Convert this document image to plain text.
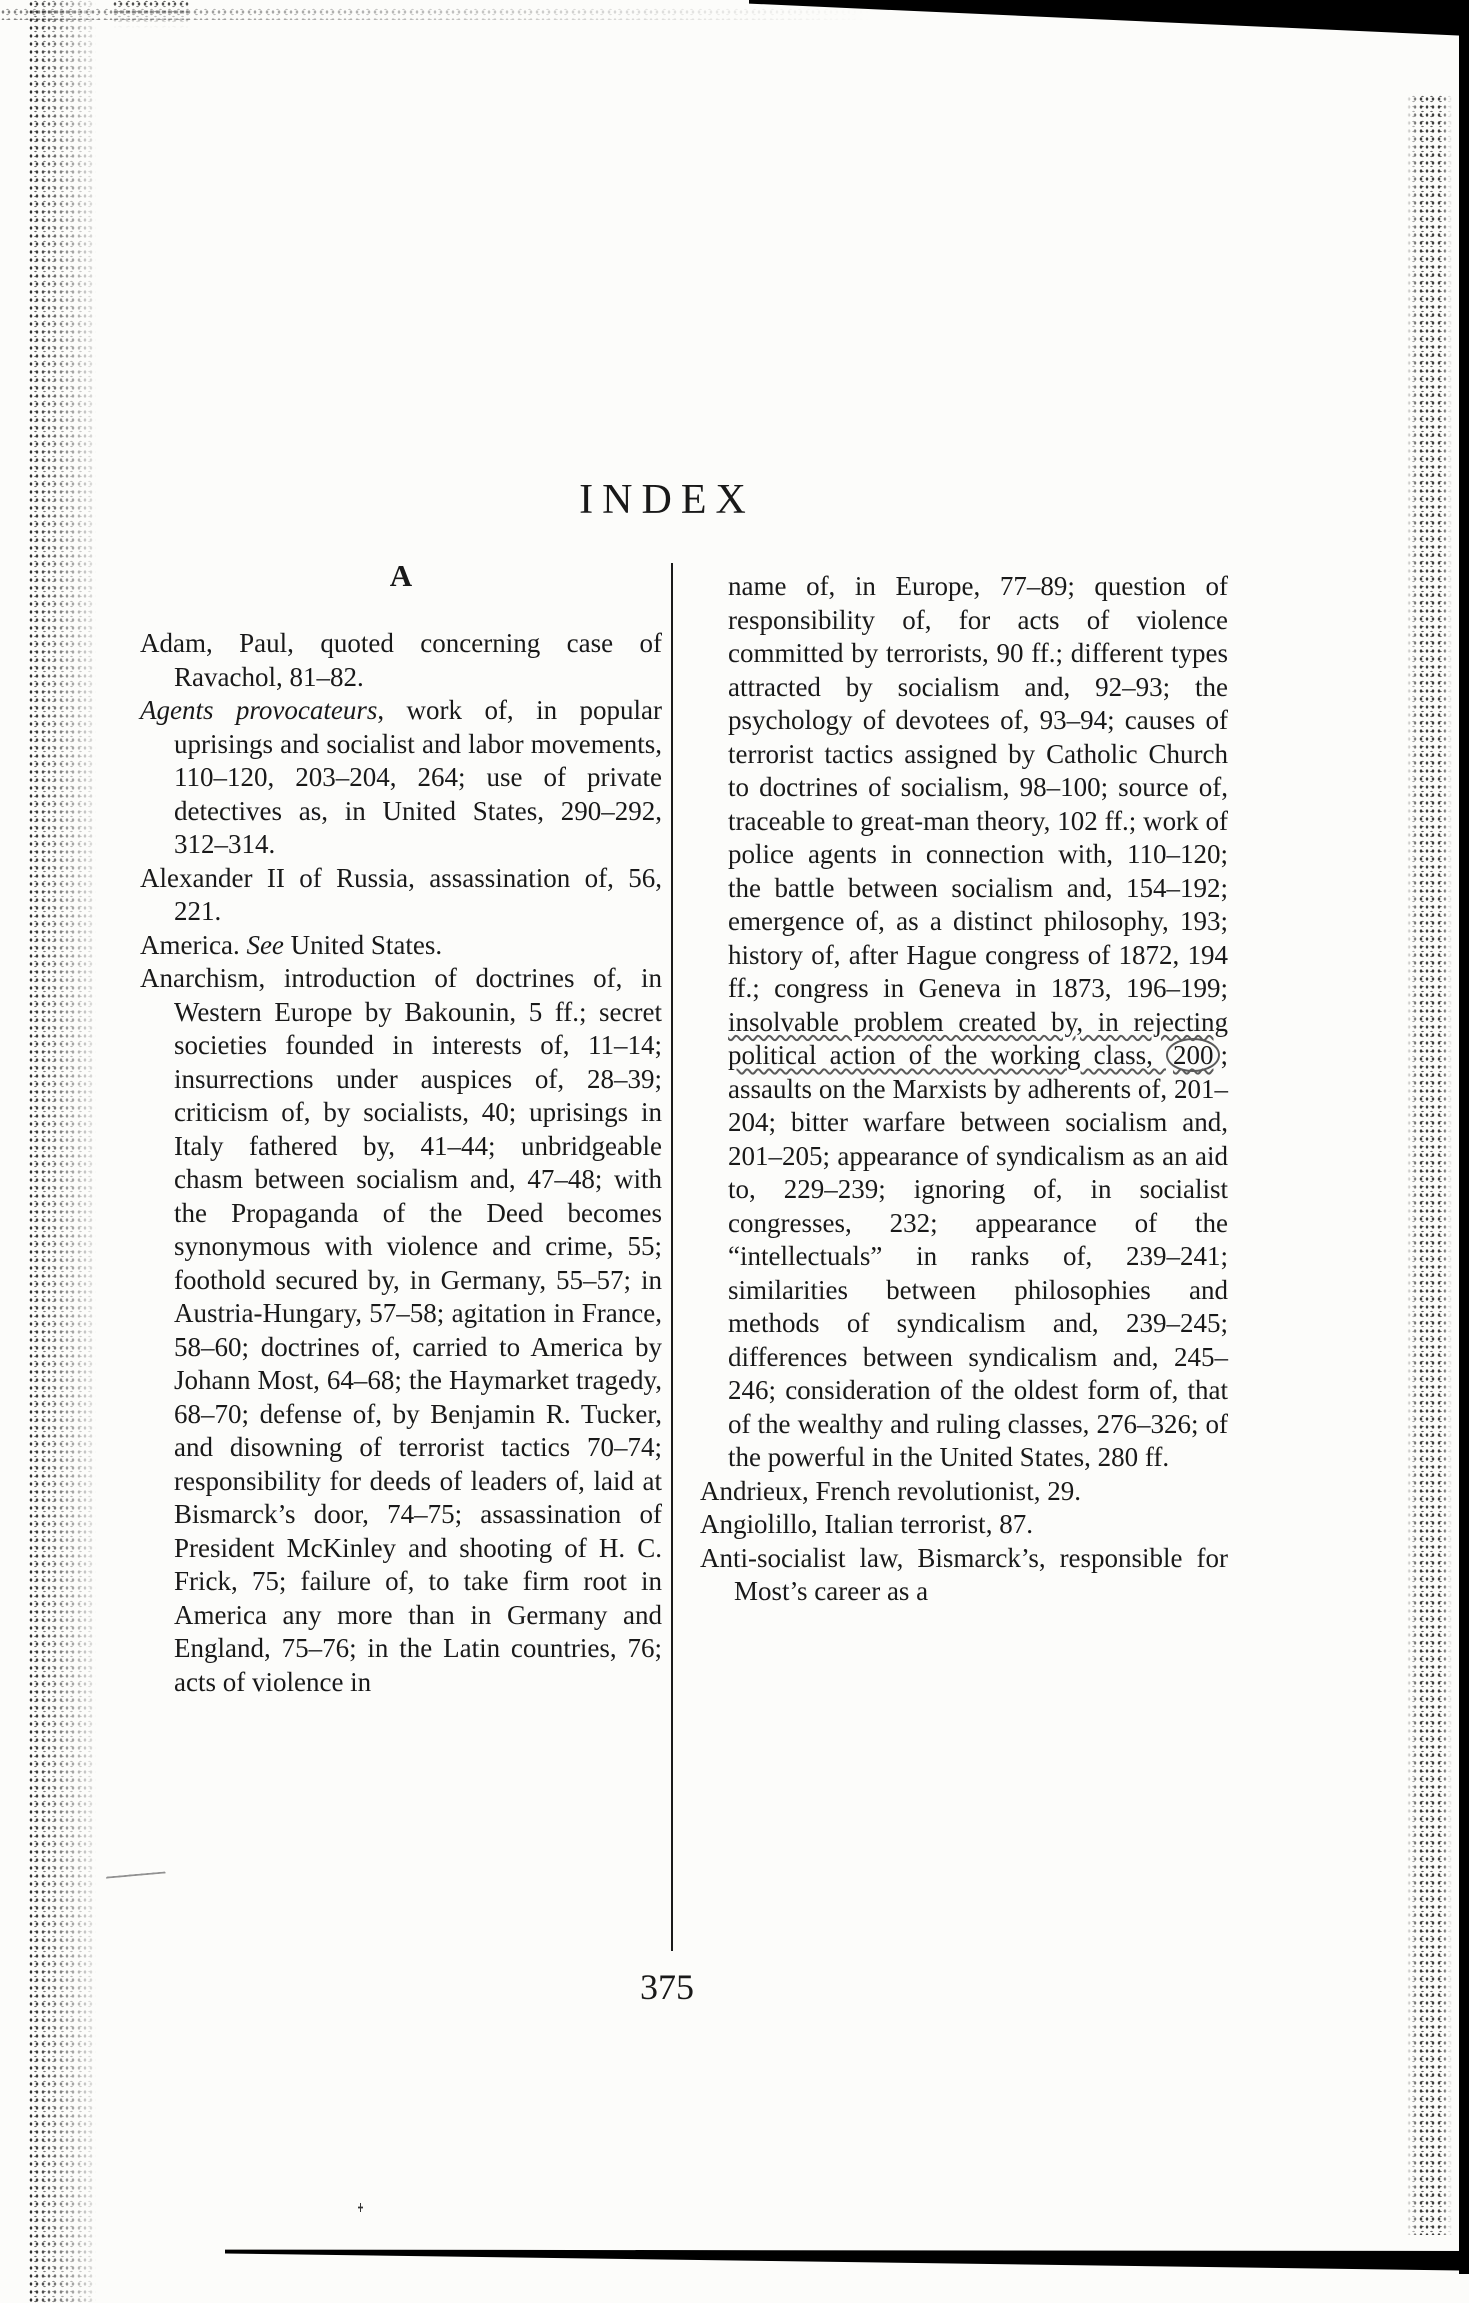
INDEX
A

Adam, Paul, quoted concerning case of Ravachol, 81–82.

Agents provocateurs, work of, in popular uprisings and socialist and labor movements, 110–120, 203–204, 264; use of private detectives as, in United States, 290–292, 312–314.

Alexander II of Russia, assassination of, 56, 221.

America. See United States.

Anarchism, introduction of doctrines of, in Western Europe by Bakounin, 5 ff.; secret societies founded in interests of, 11–14; insurrections under auspices of, 28–39; criticism of, by socialists, 40; uprisings in Italy fathered by, 41–44; unbridgeable chasm between socialism and, 47–48; with the Propaganda of the Deed becomes synonymous with violence and crime, 55; foothold secured by, in Germany, 55–57; in Austria-Hungary, 57–58; agitation in France, 58–60; doctrines of, carried to America by Johann Most, 64–68; the Haymarket tragedy, 68–70; defense of, by Benjamin R. Tucker, and disowning of terrorist tactics 70–74; responsibility for deeds of leaders of, laid at Bismarck’s door, 74–75; assassination of President McKinley and shooting of H. C. Frick, 75; failure of, to take firm root in America any more than in Germany and England, 75–76; in the Latin countries, 76; acts of violence in

name of, in Europe, 77–89; question of responsibility of, for acts of violence committed by terrorists, 90 ff.; different types attracted by socialism and, 92–93; the psychology of devotees of, 93–94; causes of terrorist tactics assigned by Catholic Church to doctrines of socialism, 98–100; source of, traceable to great-man theory, 102 ff.; work of police agents in connection with, 110–120; the battle between socialism and, 154–192; emergence of, as a distinct philosophy, 193; history of, after Hague congress of 1872, 194 ff.; congress in Geneva in 1873, 196–199; insolvable problem created by, in rejecting political action of the working class, 200 ; assaults on the Marxists by adherents of, 201–204; bitter warfare between socialism and, 201–205; appearance of syndicalism as an aid to, 229–239; ignoring of, in socialist congresses, 232; appearance of the “intellectuals” in ranks of, 239–241; similarities between philosophies and methods of syndicalism and, 239–245; differences between syndicalism and, 245–246; consideration of the oldest form of, that of the wealthy and ruling classes, 276–326; of the powerful in the United States, 280 ff.

Andrieux, French revolutionist, 29.

Angiolillo, Italian terrorist, 87.

Anti-socialist law, Bismarck’s, responsible for Most’s career as a

375
